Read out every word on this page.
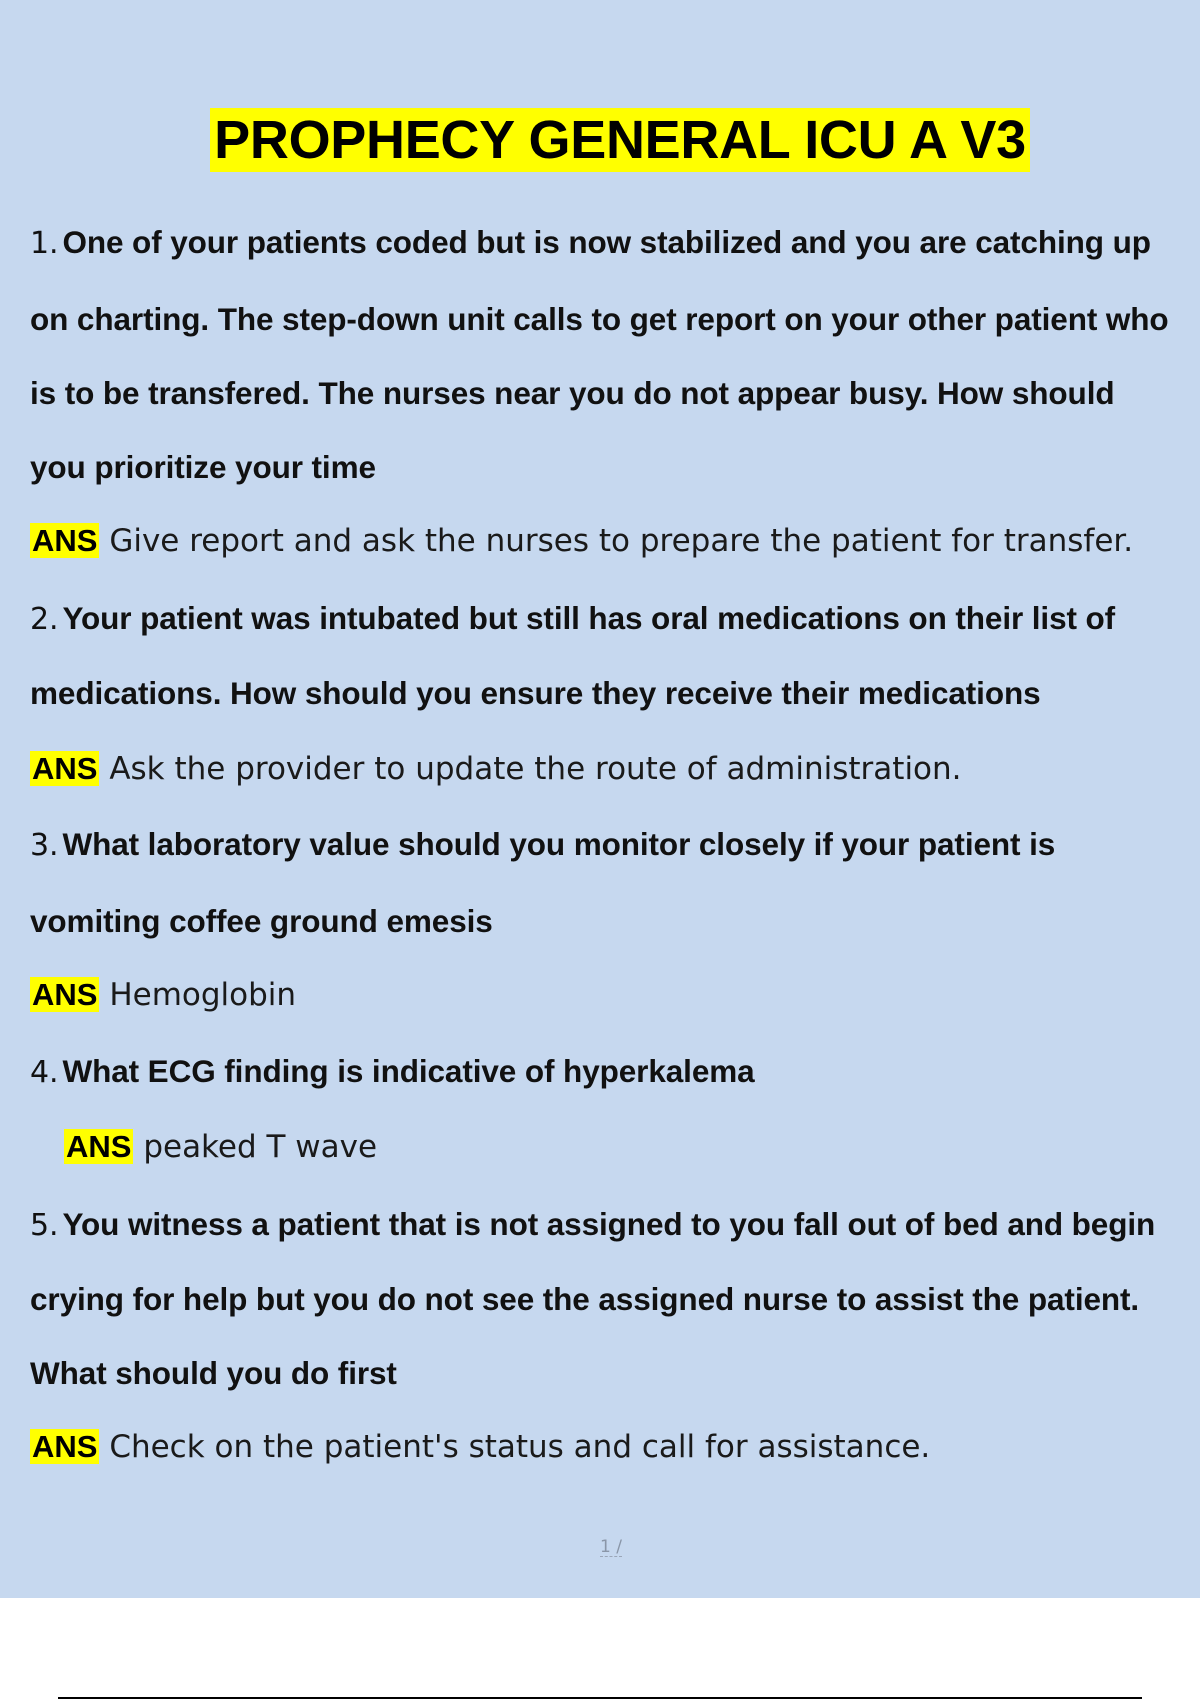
PROPHECY GENERAL ICU A V3
1. One of your patients coded but is now stabilized and you are catching up
on charting. The step-down unit calls to get report on your other patient who
is to be transfered. The nurses near you do not appear busy. How should
you prioritize your time
ANS Give report and ask the nurses to prepare the patient for transfer.
2. Your patient was intubated but still has oral medications on their list of
medications. How should you ensure they receive their medications
ANS Ask the provider to update the route of administration.
3. What laboratory value should you monitor closely if your patient is
vomiting coffee ground emesis
ANS Hemoglobin
4. What ECG finding is indicative of hyperkalema
ANS peaked T wave
5. You witness a patient that is not assigned to you fall out of bed and begin
crying for help but you do not see the assigned nurse to assist the patient.
What should you do first
ANS Check on the patient's status and call for assistance.
1 /
